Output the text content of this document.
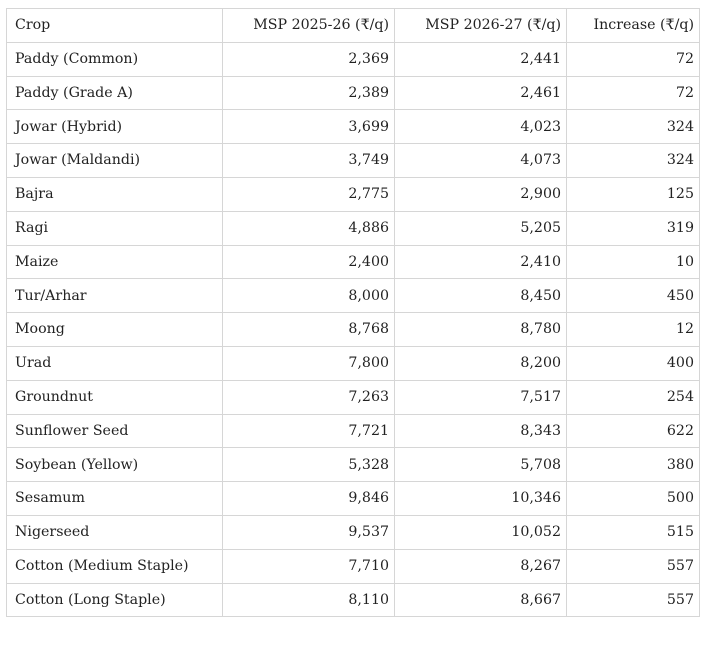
Crop	MSP 2025-26 (₹/q)	MSP 2026-27 (₹/q)	Increase (₹/q)
Paddy (Common)	2,369	2,441	72
Paddy (Grade A)	2,389	2,461	72
Jowar (Hybrid)	3,699	4,023	324
Jowar (Maldandi)	3,749	4,073	324
Bajra	2,775	2,900	125
Ragi	4,886	5,205	319
Maize	2,400	2,410	10
Tur/Arhar	8,000	8,450	450
Moong	8,768	8,780	12
Urad	7,800	8,200	400
Groundnut	7,263	7,517	254
Sunflower Seed	7,721	8,343	622
Soybean (Yellow)	5,328	5,708	380
Sesamum	9,846	10,346	500
Nigerseed	9,537	10,052	515
Cotton (Medium Staple)	7,710	8,267	557
Cotton (Long Staple)	8,110	8,667	557
